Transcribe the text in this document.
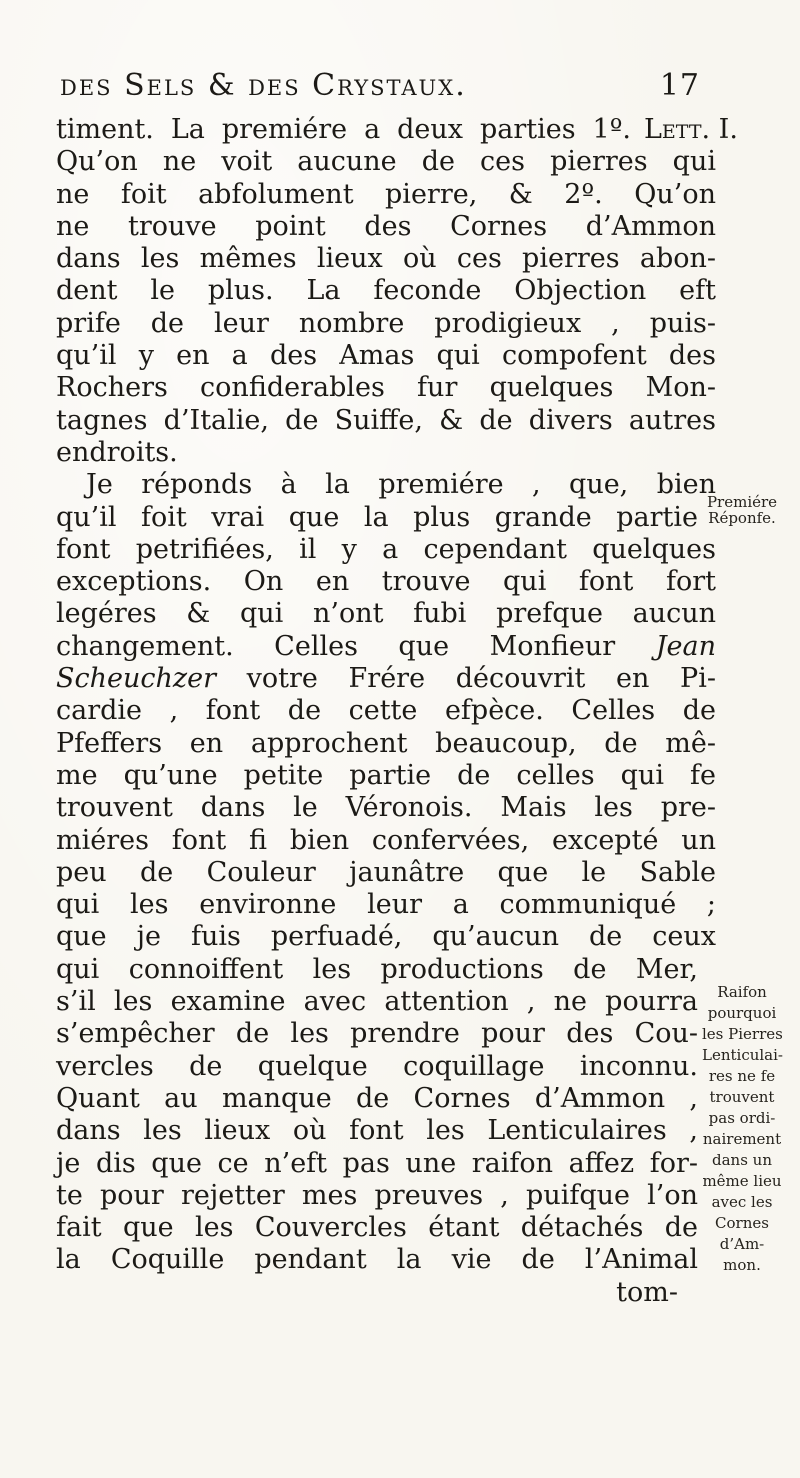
des Sels & des Crystaux.	17
Lett. I.
timent. La premiére a deux parties 1º.
Qu’on ne voit aucune de ces pierres qui
ne foit abfolument pierre, & 2º. Qu’on
ne trouve point des Cornes d’Ammon
dans les mêmes lieux où ces pierres abon-
dent le plus. La feconde Objection eft
prife de leur nombre prodigieux , puis-
qu’il y en a des Amas qui compofent des
Rochers confiderables fur quelques Mon-
tagnes d’Italie, de Suiffe, & de divers autres
endroits.
Je réponds à la premiére , que, bien
qu’il foit vrai que la plus grande partie
font petrifiées, il y a cependant quelques
exceptions. On en trouve qui font fort
legéres & qui n’ont fubi prefque aucun
changement. Celles que Monfieur Jean
Scheuchzer votre Frére découvrit en Pi-
cardie , font de cette efpèce. Celles de
Pfeffers en approchent beaucoup, de mê-
me qu’une petite partie de celles qui fe
trouvent dans le Véronois. Mais les pre-
miéres font fi bien confervées, excepté un
peu de Couleur jaunâtre que le Sable
qui les environne leur a communiqué ;
que je fuis perfuadé, qu’aucun de ceux
qui connoiffent les productions de Mer,
s’il les examine avec attention , ne pourra
s’empêcher de les prendre pour des Cou-
vercles de quelque coquillage inconnu.
Quant au manque de Cornes d’Ammon ,
dans les lieux où font les Lenticulaires ,
je dis que ce n’eft pas une raifon affez for-
te pour rejetter mes preuves , puifque l’on
fait que les Couvercles étant détachés de
la Coquille pendant la vie de l’Animal
tom-
Premiére
Réponfe.
Raifon
pourquoi
les Pierres
Lenticulai-
res ne fe
trouvent
pas ordi-
nairement
dans un
même lieu
avec les
Cornes
d’Am-
mon.
